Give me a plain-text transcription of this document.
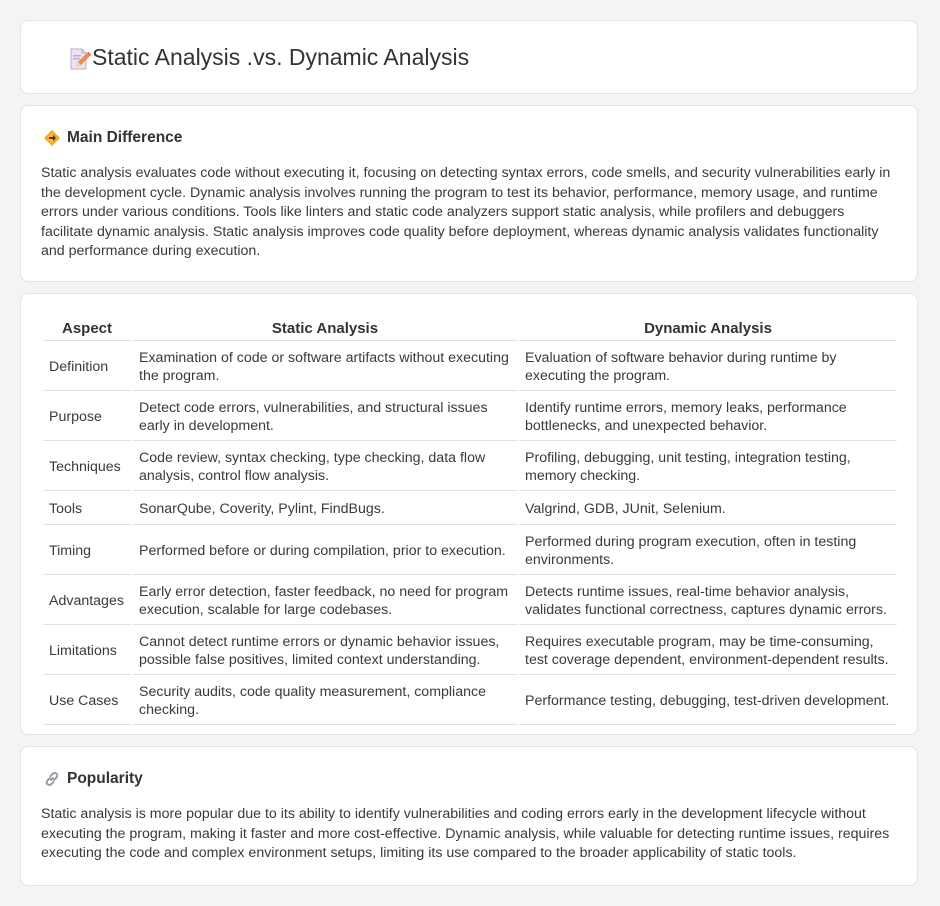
Static Analysis .vs. Dynamic Analysis
Main Difference

Static analysis evaluates code without executing it, focusing on detecting syntax errors, code smells, and security vulnerabilities early in the development cycle. Dynamic analysis involves running the program to test its behavior, performance, memory usage, and runtime errors under various conditions. Tools like linters and static code analyzers support static analysis, while profilers and debuggers facilitate dynamic analysis. Static analysis improves code quality before deployment, whereas dynamic analysis validates functionality and performance during execution.

Aspect	Static Analysis	Dynamic Analysis
Definition	Examination of code or software artifacts without executing the program.	Evaluation of software behavior during runtime by executing the program.
Purpose	Detect code errors, vulnerabilities, and structural issues early in development.	Identify runtime errors, memory leaks, performance bottlenecks, and unexpected behavior.
Techniques	Code review, syntax checking, type checking, data flow analysis, control flow analysis.	Profiling, debugging, unit testing, integration testing, memory checking.
Tools	SonarQube, Coverity, Pylint, FindBugs.	Valgrind, GDB, JUnit, Selenium.
Timing	Performed before or during compilation, prior to execution.	Performed during program execution, often in testing environments.
Advantages	Early error detection, faster feedback, no need for program execution, scalable for large codebases.	Detects runtime issues, real-time behavior analysis, validates functional correctness, captures dynamic errors.
Limitations	Cannot detect runtime errors or dynamic behavior issues, possible false positives, limited context understanding.	Requires executable program, may be time-consuming, test coverage dependent, environment-dependent results.
Use Cases	Security audits, code quality measurement, compliance checking.	Performance testing, debugging, test-driven development.
Popularity

Static analysis is more popular due to its ability to identify vulnerabilities and coding errors early in the development lifecycle without executing the program, making it faster and more cost-effective. Dynamic analysis, while valuable for detecting runtime issues, requires executing the code and complex environment setups, limiting its use compared to the broader applicability of static tools.
